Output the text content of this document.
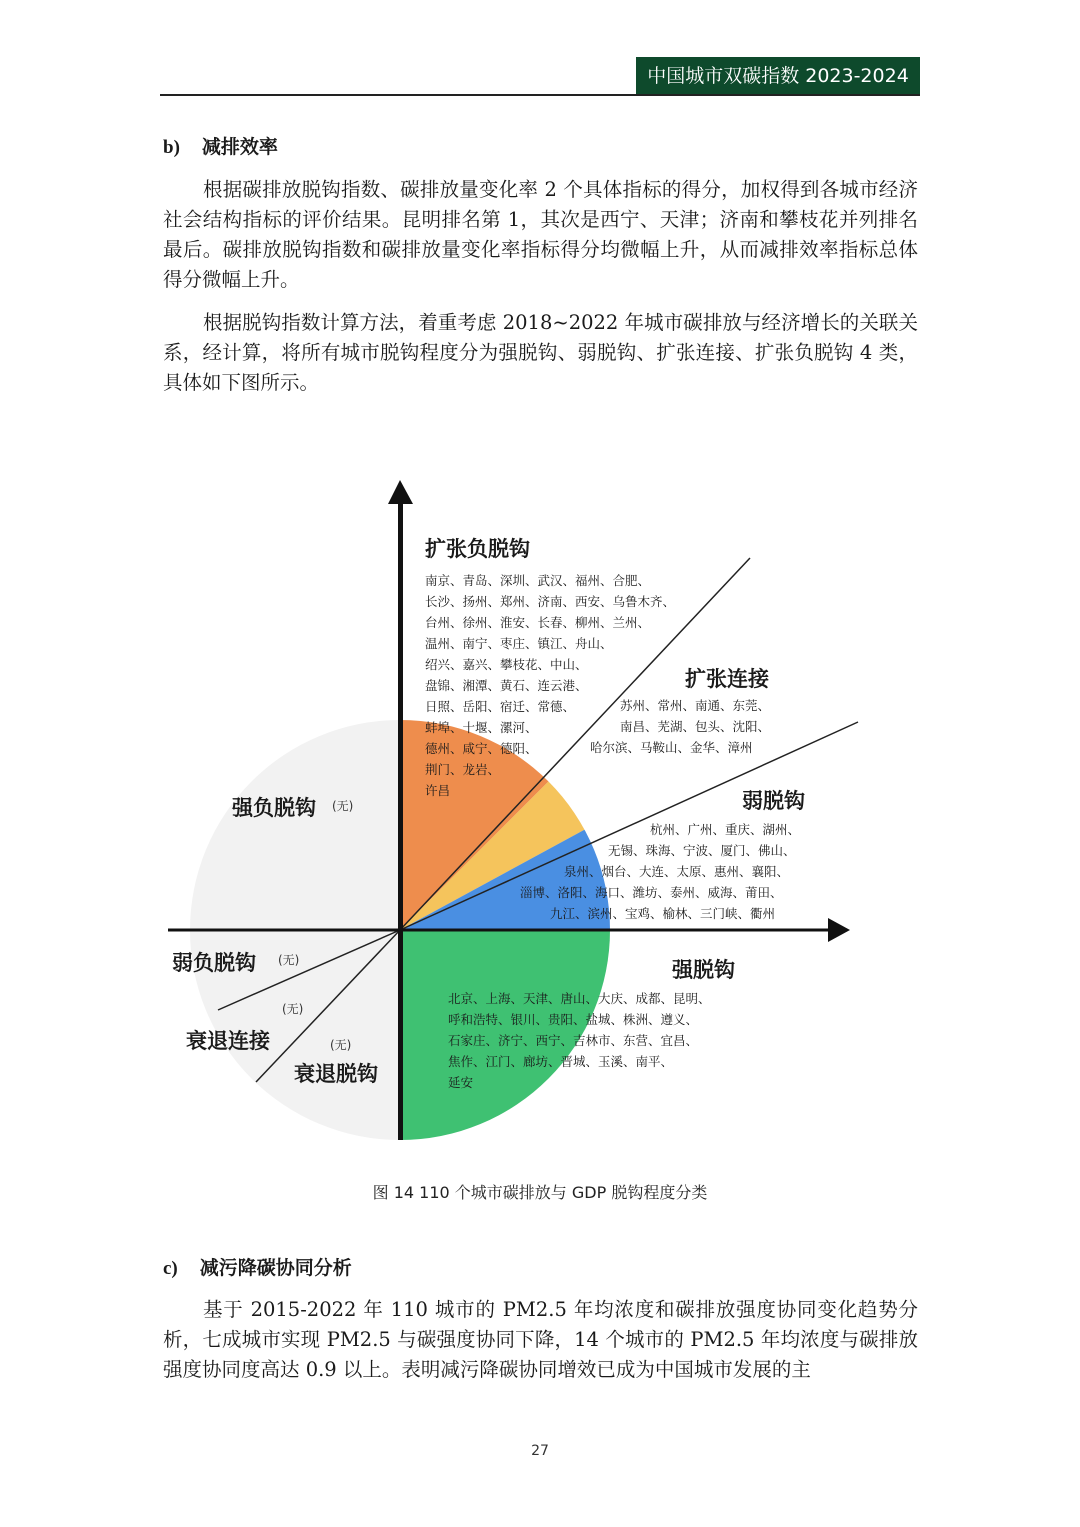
中国城市双碳指数 2023-2024
b) 减排效率

根据碳排放脱钩指数、碳排放量变化率 2 个具体指标的得分，加权得到各城市经济社会结构指标的评价结果。昆明排名第 1，其次是西宁、天津；济南和攀枝花并列排名最后。碳排放脱钩指数和碳排放量变化率指标得分均微幅上升，从而减排效率指标总体得分微幅上升。

根据脱钩指数计算方法，着重考虑 2018~2022 年城市碳排放与经济增长的关联关系，经计算，将所有城市脱钩程度分为强脱钩、弱脱钩、扩张连接、扩张负脱钩 4 类，具体如下图所示。

扩张负脱钩
南京、青岛、深圳、武汉、福州、合肥、 长沙、扬州、郑州、济南、西安、乌鲁木齐、 台州、徐州、淮安、长春、柳州、兰州、 温州、南宁、枣庄、镇江、舟山、 绍兴、嘉兴、攀枝花、中山、 盘锦、湘潭、黄石、连云港、 日照、岳阳、宿迁、常德、 蚌埠、十堰、漯河、 德州、咸宁、德阳、 荆门、龙岩、 许昌
扩张连接
苏州、常州、南通、东莞、 南昌、芜湖、包头、沈阳、 哈尔滨、马鞍山、金华、漳州
弱脱钩
杭州、广州、重庆、湖州、 无锡、珠海、宁波、厦门、佛山、 泉州、烟台、大连、太原、惠州、襄阳、 淄博、洛阳、海口、潍坊、泰州、威海、莆田、 九江、滨州、宝鸡、榆林、三门峡、衢州
强脱钩
北京、上海、天津、唐山、大庆、成都、昆明、 呼和浩特、银川、贵阳、盐城、株洲、遵义、 石家庄、济宁、西宁、吉林市、东营、宜昌、 焦作、江门、廊坊、晋城、玉溪、南平、 延安
强负脱钩 (无)
弱负脱钩 (无)
(无)
衰退连接	(无)
衰退脱钩
图 14 110 个城市碳排放与 GDP 脱钩程度分类
c) 减污降碳协同分析

基于 2015-2022 年 110 城市的 PM2.5 年均浓度和碳排放强度协同变化趋势分析，七成城市实现 PM2.5 与碳强度协同下降，14 个城市的 PM2.5 年均浓度与碳排放强度协同度高达 0.9 以上。表明减污降碳协同增效已成为中国城市发展的主

27
